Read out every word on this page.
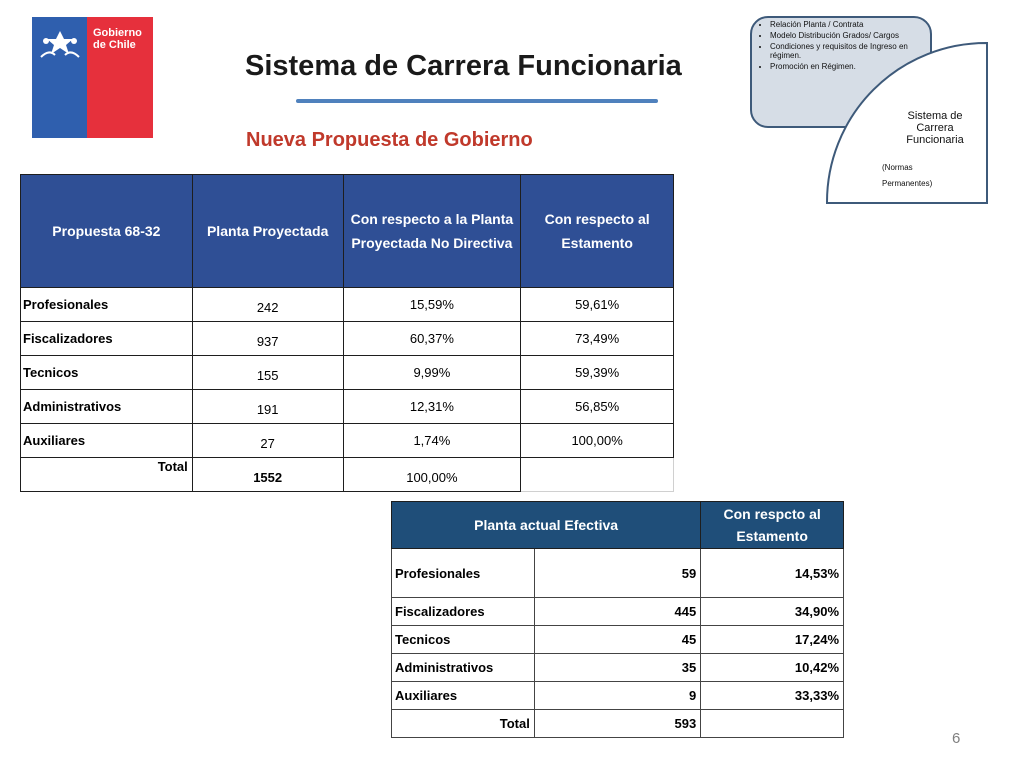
Gobierno
de Chile
Sistema de Carrera Funcionaria
Nueva Propuesta de Gobierno
• Relación Planta / Contrata
• Modelo Distribución Grados/ Cargos
• Condiciones y requisitos de Ingreso en régimen.
• Promoción en Régimen.
Sistema de Carrera Funcionaria
(Normas
Permanentes)
Propuesta 68-32	Planta Proyectada	Con respecto a la Planta Proyectada No Directiva	Con respecto al Estamento
Profesionales	242	15,59%	59,61%
Fiscalizadores	937	60,37%	73,49%
Tecnicos	155	9,99%	59,39%
Administrativos	191	12,31%	56,85%
Auxiliares	27	1,74%	100,00%
Total	1552	100,00%	
Planta actual Efectiva		Con respcto al Estamento
Profesionales	59	14,53%
Fiscalizadores	445	34,90%
Tecnicos	45	17,24%
Administrativos	35	10,42%
Auxiliares	9	33,33%
Total	593	
6
